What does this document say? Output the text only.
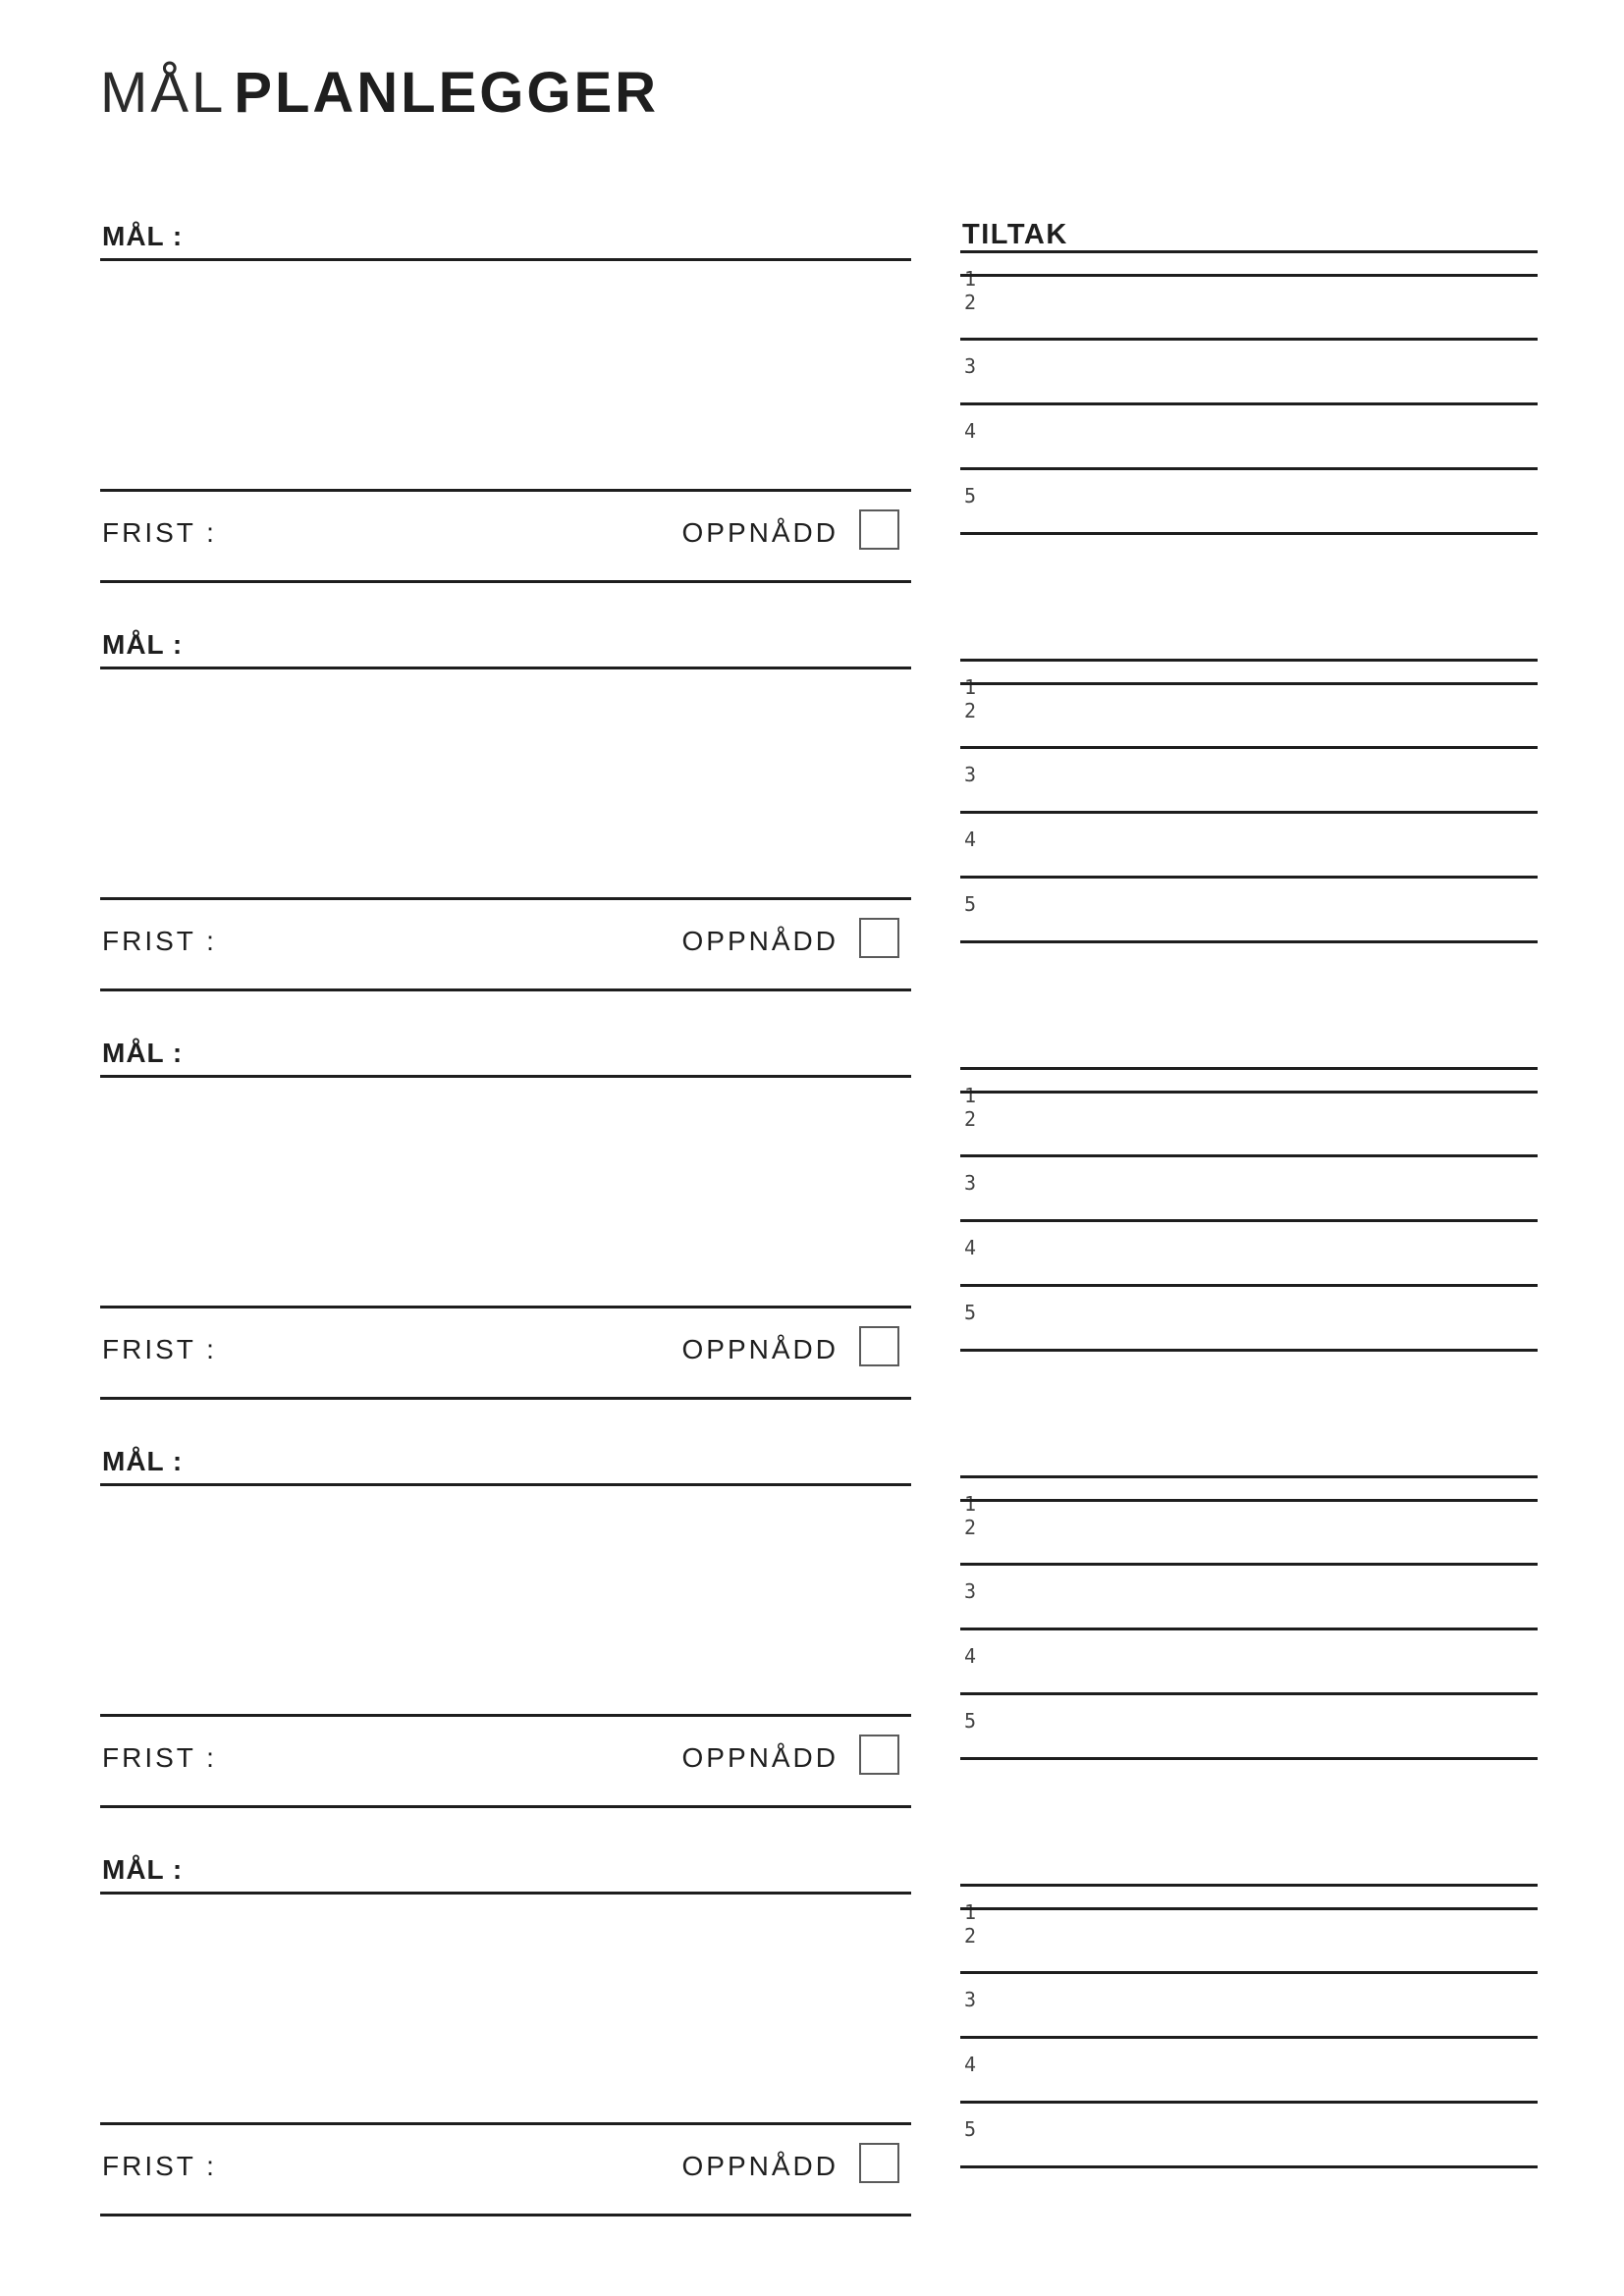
MÅL PLANLEGGER
MÅL :
FRIST :	OPPNÅDD
TILTAK
1
2
3
4
5
MÅL :
FRIST :	OPPNÅDD
1
2
3
4
5
MÅL :
FRIST :	OPPNÅDD
1
2
3
4
5
MÅL :
FRIST :	OPPNÅDD
1
2
3
4
5
MÅL :
FRIST :	OPPNÅDD
1
2
3
4
5
